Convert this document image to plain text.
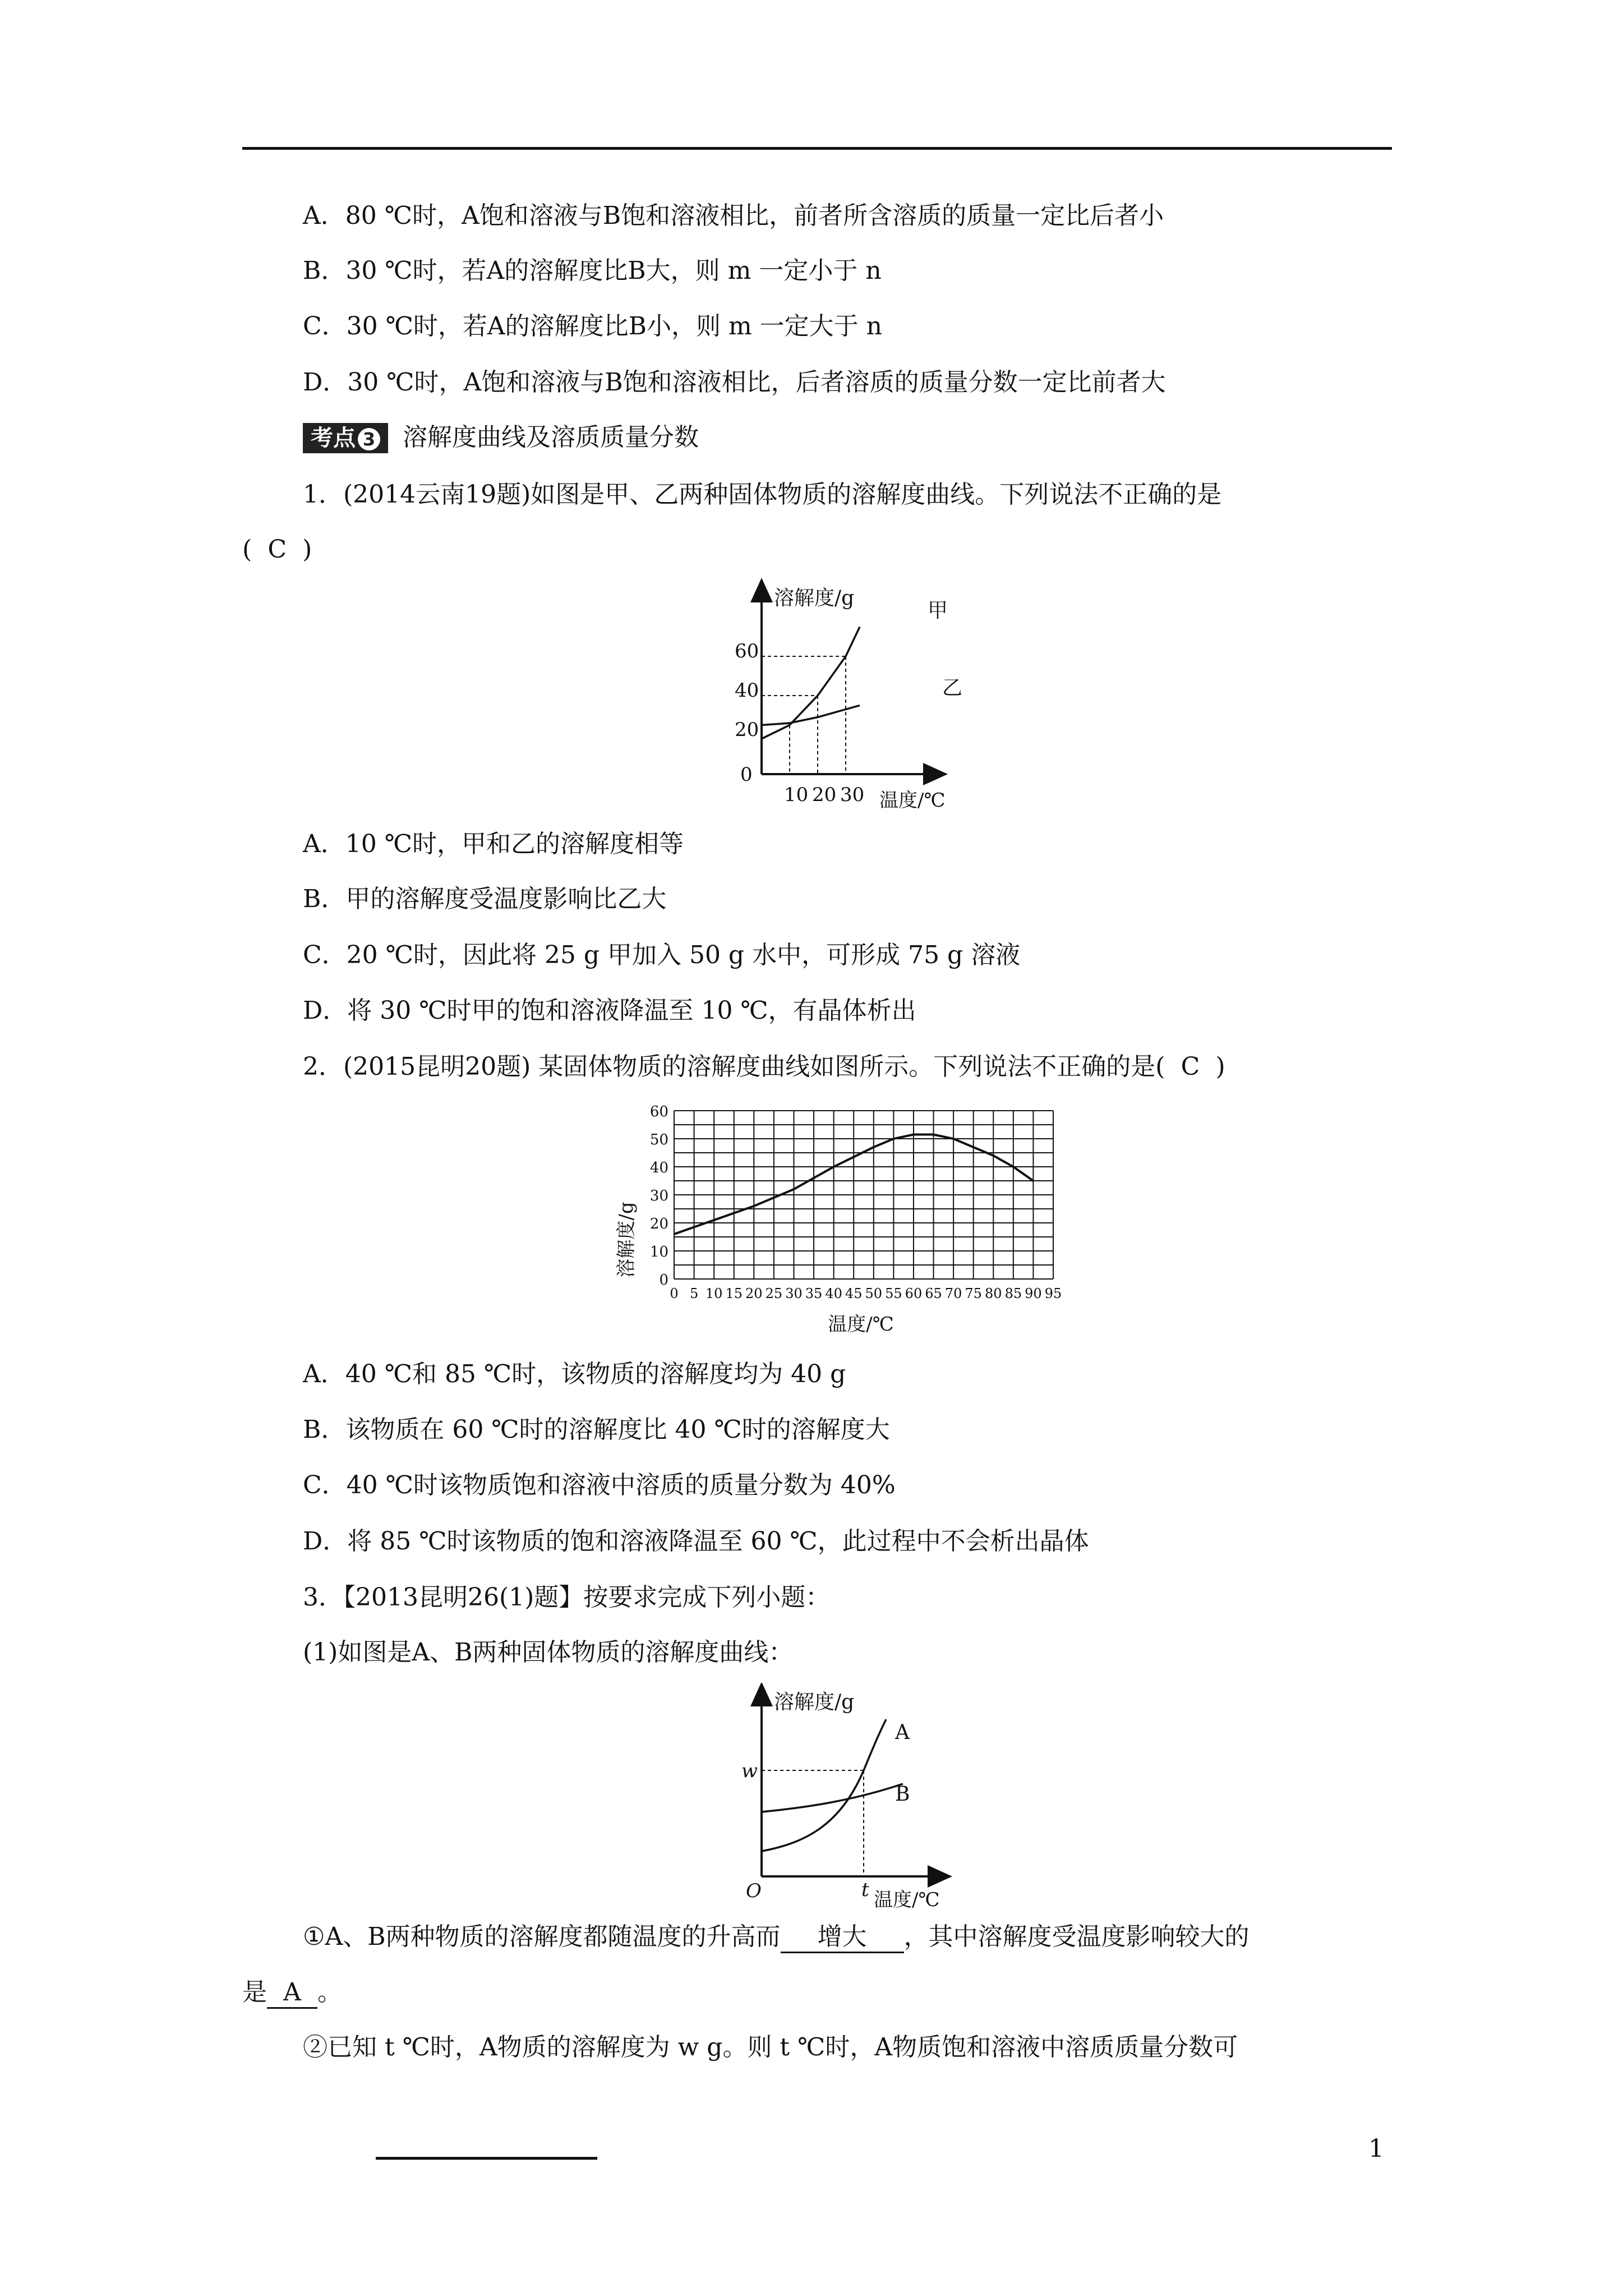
A．80 ℃时，A饱和溶液与B饱和溶液相比，前者所含溶质的质量一定比后者小
B．30 ℃时，若A的溶解度比B大，则 m 一定小于 n
C．30 ℃时，若A的溶解度比B小，则 m 一定大于 n
D．30 ℃时，A饱和溶液与B饱和溶液相比，后者溶质的质量分数一定比前者大
考点 3 溶解度曲线及溶质质量分数
1．(2014云南19题)如图是甲、乙两种固体物质的溶解度曲线。下列说法不正确的是
( C )
溶解度/g
温度/℃
0
60
40
20
10 20 30
甲
乙
A．10 ℃时，甲和乙的溶解度相等
B．甲的溶解度受温度影响比乙大
C．20 ℃时，因此将 25 g 甲加入 50 g 水中，可形成 75 g 溶液
D．将 30 ℃时甲的饱和溶液降温至 10 ℃，有晶体析出
2．(2015昆明20题) 某固体物质的溶解度曲线如图所示。下列说法不正确的是( C )
0
10
20
30
40
50
60
0 5 10 15 20 25 30 35 40 45 50 55 60 65 70 75 80 85 90 95
溶解度/g
温度/℃
A．40 ℃和 85 ℃时，该物质的溶解度均为 40 g
B．该物质在 60 ℃时的溶解度比 40 ℃时的溶解度大
C．40 ℃时该物质饱和溶液中溶质的质量分数为 40%
D．将 85 ℃时该物质的饱和溶液降温至 60 ℃，此过程中不会析出晶体
3．【2013昆明26(1)题】按要求完成下列小题：
(1)如图是A、B两种固体物质的溶解度曲线：
溶解度/g
温度/℃
O
w
t
A
B
①A、B两种物质的溶解度都随温度的升高而 增大 ，其中溶解度受温度影响较大的
是 A 。
②已知 t ℃时，A物质的溶解度为 w g。则 t ℃时，A物质饱和溶液中溶质质量分数可
1
